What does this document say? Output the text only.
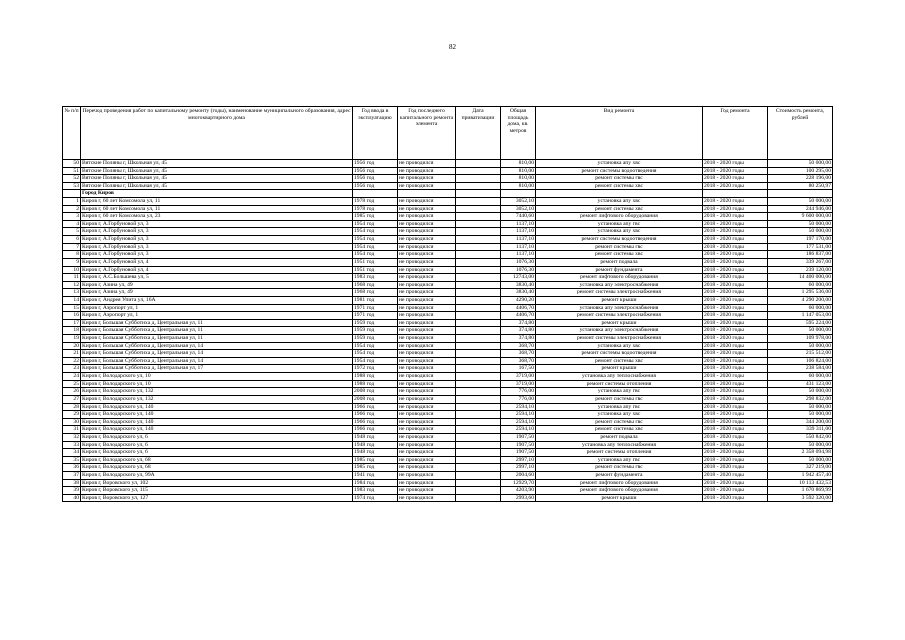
82
№ п/п	Перечод проведения работ по капитальному ремонту (годы), наименование муниципального образования, адрес многоквартирного дома	Год ввода в эксплуатацию	Год последнего капитального ремонта элемента	Дата приватизации	Общая площадь дома, кв. метров	Вид ремонта	Год ремонта	Стоимость ремонта, рублей
50	Вятские Поляны г, Школьная ул, 45	1956 год	не проводился		810,00	установка апу хвс	2018 - 2020 годы	50 000,00
51	Вятские Поляны г, Школьная ул, 45	1956 год	не проводился		810,00	ремонт системы водоотведения	2018 - 2020 годы	100 295,00
52	Вятские Поляны г, Школьная ул, 45	1956 год	не проводился		810,00	ремонт системы гвс	2018 - 2020 годы	228 196,00
53	Вятские Поляны г, Школьная ул, 45	1956 год	не проводился		810,00	ремонт системы хвс	2018 - 2020 годы	80 250,97
	Город Киров							
1	Киров г, 60 лет Комсомола ул, 11	1978 год	не проводился		3052,10	установка апу хвс	2018 - 2020 годы	50 000,00
2	Киров г, 60 лет Комсомола ул, 11	1978 год	не проводился		3052,10	ремонт системы хвс	2018 - 2020 годы	244 946,00
3	Киров г, 60 лет Комсомола ул, 23	1985 год	не проводился		7440,60	ремонт лифтового оборудования	2018 - 2020 годы	9 600 000,00
4	Киров г, А.Горбуновой ул, 3	1954 год	не проводился		1137,10	установка апу гвс	2018 - 2020 годы	50 000,00
5	Киров г, А.Горбуновой ул, 3	1954 год	не проводился		1137,10	установка апу хвс	2018 - 2020 годы	50 000,00
6	Киров г, А.Горбуновой ул, 3	1954 год	не проводился		1137,10	ремонт системы водоотведения	2018 - 2020 годы	197 170,00
7	Киров г, А.Горбуновой ул, 3	1954 год	не проводился		1137,10	ремонт системы гвс	2018 - 2020 годы	177 531,00
8	Киров г, А.Горбуновой ул, 3	1954 год	не проводился		1137,10	ремонт системы хвс	2018 - 2020 годы	186 837,00
9	Киров г, А.Горбуновой ул, 4	1951 год	не проводился		1076,30	ремонт подвала	2018 - 2020 годы	339 267,00
10	Киров г, А.Горбуновой ул, 4	1951 год	не проводился		1076,30	ремонт фундамента	2018 - 2020 годы	239 120,00
11	Киров г, А.С.Большева ул, 5	1983 год	не проводился		12743,00	ремонт лифтового оборудования	2018 - 2020 годы	14 400 000,00
12	Киров г, Азина ул, 49	1968 год	не проводился		3830,40	установка апу электроснабжения	2018 - 2020 годы	60 000,00
13	Киров г, Азина ул, 49	1968 год	не проводился		3830,40	ремонт системы электроснабжения	2018 - 2020 годы	1 295 536,00
14	Киров г, Андрея Упита ул, 16А	1981 год	не проводился		4290,20	ремонт крыши	2018 - 2020 годы	4 290 200,00
15	Киров г, Аэропорт ул, 1	1971 год	не проводился		4406,70	установка апу электроснабжения	2018 - 2020 годы	60 000,00
16	Киров г, Аэропорт ул, 1	1971 год	не проводился		4406,70	ремонт системы электроснабжения	2018 - 2020 годы	1 147 053,00
17	Киров г, Большая Субботиха д, Центральная ул, 11	1959 год	не проводился		374,80	ремонт крыши	2018 - 2020 годы	595 224,00
18	Киров г, Большая Субботиха д, Центральная ул, 11	1959 год	не проводился		374,80	установка апу электроснабжения	2018 - 2020 годы	50 000,00
19	Киров г, Большая Субботиха д, Центральная ул, 11	1959 год	не проводился		374,80	ремонт системы электроснабжения	2018 - 2020 годы	109 978,00
20	Киров г, Большая Субботиха д, Центральная ул, 14	1954 год	не проводился		368,70	установка апу хвс	2018 - 2020 годы	50 000,00
21	Киров г, Большая Субботиха д, Центральная ул, 14	1954 год	не проводился		368,70	ремонт системы водоотведения	2018 - 2020 годы	215 512,00
22	Киров г, Большая Субботиха д, Центральная ул, 14	1954 год	не проводился		368,70	ремонт системы хвс	2018 - 2020 годы	106 824,00
23	Киров г, Большая Субботиха д, Центральная ул, 17	1972 год	не проводился		167,50	ремонт крыши	2018 - 2020 годы	238 584,00
24	Киров г, Володарского ул, 10	1988 год	не проводился		3719,00	установка апу теплоснабжения	2018 - 2020 годы	60 000,00
25	Киров г, Володарского ул, 10	1988 год	не проводился		3719,00	ремонт системы отопления	2018 - 2020 годы	431 123,00
26	Киров г, Володарского ул, 132	2008 год	не проводился		776,00	установка апу гвс	2018 - 2020 годы	50 000,00
27	Киров г, Володарского ул, 132	2008 год	не проводился		776,00	ремонт системы гвс	2018 - 2020 годы	298 832,00
28	Киров г, Володарского ул, 140	1966 год	не проводился		2594,10	установка апу гвс	2018 - 2020 годы	50 000,00
29	Киров г, Володарского ул, 140	1966 год	не проводился		2594,10	установка апу хвс	2018 - 2020 годы	50 000,00
30	Киров г, Володарского ул, 140	1966 год	не проводился		2594,10	ремонт системы гвс	2018 - 2020 годы	344 200,00
31	Киров г, Володарского ул, 140	1966 год	не проводился		2594,10	ремонт системы хвс	2018 - 2020 годы	339 311,00
32	Киров г, Володарского ул, 6	1948 год	не проводился		1907,50	ремонт подвала	2018 - 2020 годы	550 842,00
33	Киров г, Володарского ул, 6	1948 год	не проводился		1907,50	установка апу теплоснабжения	2018 - 2020 годы	50 000,00
34	Киров г, Володарского ул, 6	1948 год	не проводился		1907,50	ремонт системы отопления	2018 - 2020 годы	2 358 094,98
35	Киров г, Володарского ул, 68	1985 год	не проводился		2997,10	установка апу гвс	2018 - 2020 годы	50 000,00
36	Киров г, Володарского ул, 68	1985 год	не проводился		2997,10	ремонт системы гвс	2018 - 2020 годы	327 219,00
37	Киров г, Володарского ул, 99А	1941 год	не проводился		2004,60	ремонт фундамента	2018 - 2020 годы	1 942 457,40
38	Киров г, Воровского ул, 102	1984 год	не проводился		12929,70	ремонт лифтового оборудования	2018 - 2020 годы	10 113 432,53
39	Киров г, Воровского ул, 115	1983 год	не проводился		4203,90	ремонт лифтового оборудования	2018 - 2020 годы	1 670 869,99
40	Киров г, Воровского ул, 127	1974 год	не проводился		2993,60	ремонт крыши	2018 - 2020 годы	3 592 320,00
